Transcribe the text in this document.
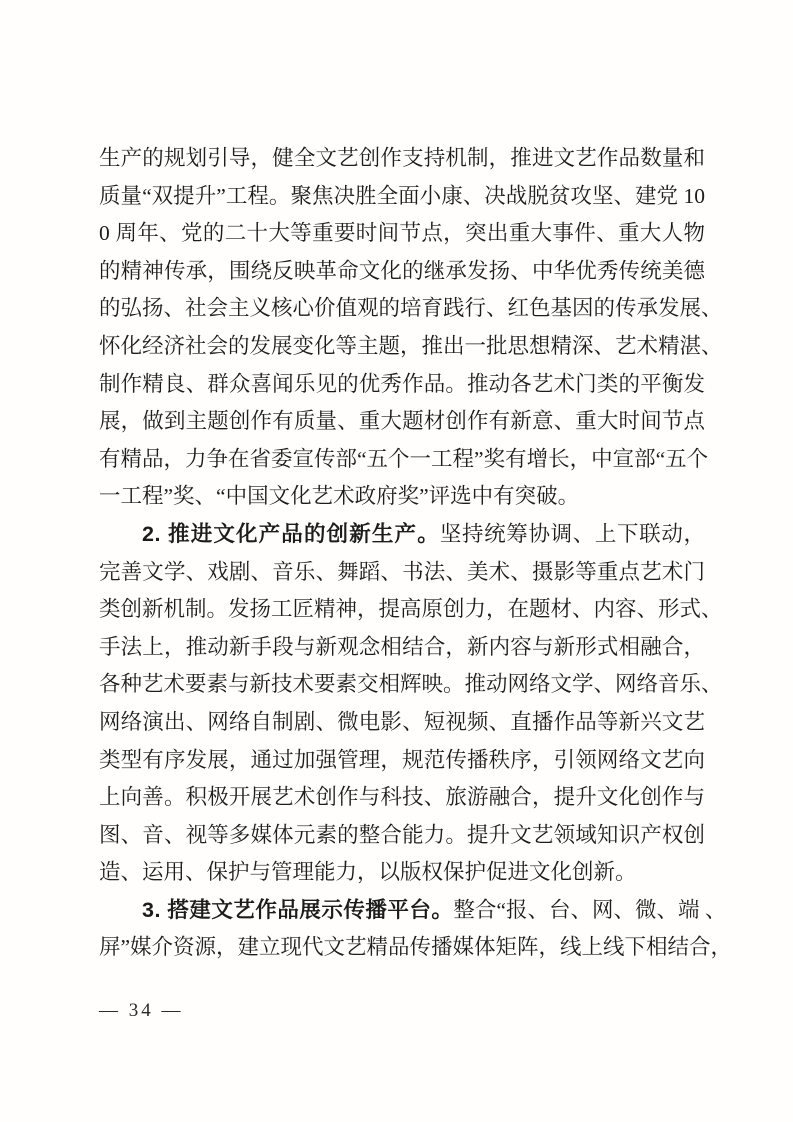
生产的规划引导，健全文艺创作支持机制，推进文艺作品数量和
质量“双提升”工程。聚焦决胜全面小康、决战脱贫攻坚、建党 10
0 周年、党的二十大等重要时间节点，突出重大事件、重大人物
的精神传承，围绕反映革命文化的继承发扬、中华优秀传统美德
的弘扬、社会主义核心价值观的培育践行、红色基因的传承发展、
怀化经济社会的发展变化等主题，推出一批思想精深、艺术精湛、
制作精良、群众喜闻乐见的优秀作品。推动各艺术门类的平衡发
展，做到主题创作有质量、重大题材创作有新意、重大时间节点
有精品，力争在省委宣传部“五个一工程”奖有增长，中宣部“五个
一工程”奖、“中国文化艺术政府奖”评选中有突破。
2. 推进文化产品的创新生产。坚持统筹协调、上下联动，
完善文学、戏剧、音乐、舞蹈、书法、美术、摄影等重点艺术门
类创新机制。发扬工匠精神，提高原创力，在题材、内容、形式、
手法上，推动新手段与新观念相结合，新内容与新形式相融合，
各种艺术要素与新技术要素交相辉映。推动网络文学、网络音乐、
网络演出、网络自制剧、微电影、短视频、直播作品等新兴文艺
类型有序发展，通过加强管理，规范传播秩序，引领网络文艺向
上向善。积极开展艺术创作与科技、旅游融合，提升文化创作与
图、音、视等多媒体元素的整合能力。提升文艺领域知识产权创
造、运用、保护与管理能力，以版权保护促进文化创新。
3. 搭建文艺作品展示传播平台。整合“报、台、网、微、端 、
屏”媒介资源，建立现代文艺精品传播媒体矩阵，线上线下相结合，
— 34 —
